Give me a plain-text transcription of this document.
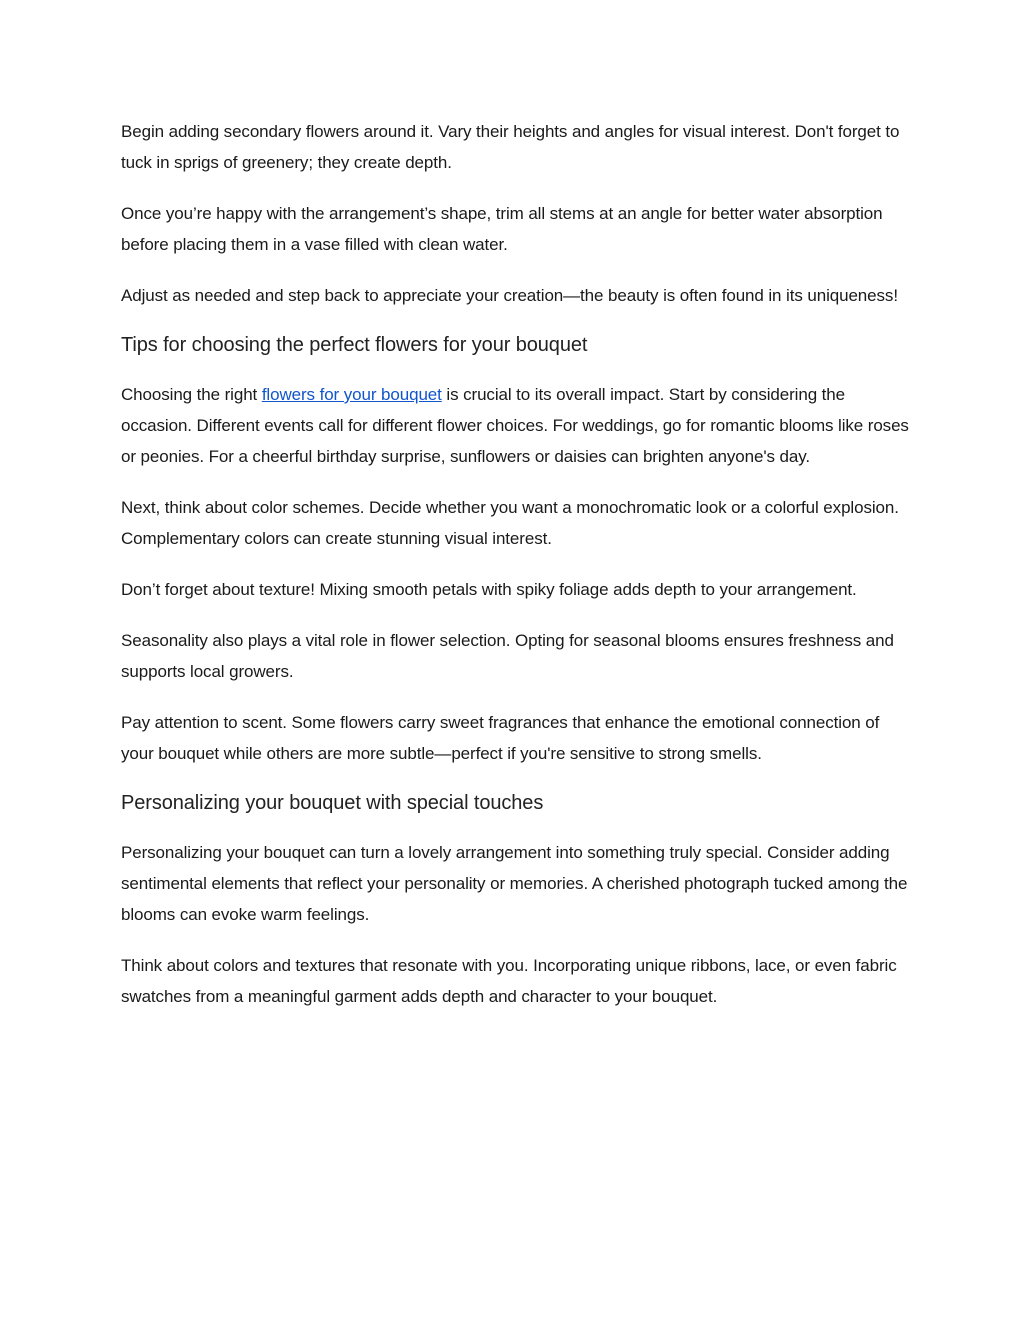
Begin adding secondary flowers around it. Vary their heights and angles for visual interest. Don't forget to tuck in sprigs of greenery; they create depth.

Once you’re happy with the arrangement’s shape, trim all stems at an angle for better water absorption before placing them in a vase filled with clean water.

Adjust as needed and step back to appreciate your creation—the beauty is often found in its uniqueness!

Tips for choosing the perfect flowers for your bouquet

Choosing the right flowers for your bouquet is crucial to its overall impact. Start by considering the occasion. Different events call for different flower choices. For weddings, go for romantic blooms like roses or peonies. For a cheerful birthday surprise, sunflowers or daisies can brighten anyone's day.

Next, think about color schemes. Decide whether you want a monochromatic look or a colorful explosion. Complementary colors can create stunning visual interest.

Don’t forget about texture! Mixing smooth petals with spiky foliage adds depth to your arrangement.

Seasonality also plays a vital role in flower selection. Opting for seasonal blooms ensures freshness and supports local growers.

Pay attention to scent. Some flowers carry sweet fragrances that enhance the emotional connection of your bouquet while others are more subtle—perfect if you're sensitive to strong smells.

Personalizing your bouquet with special touches

Personalizing your bouquet can turn a lovely arrangement into something truly special. Consider adding sentimental elements that reflect your personality or memories. A cherished photograph tucked among the blooms can evoke warm feelings.

Think about colors and textures that resonate with you. Incorporating unique ribbons, lace, or even fabric swatches from a meaningful garment adds depth and character to your bouquet.
